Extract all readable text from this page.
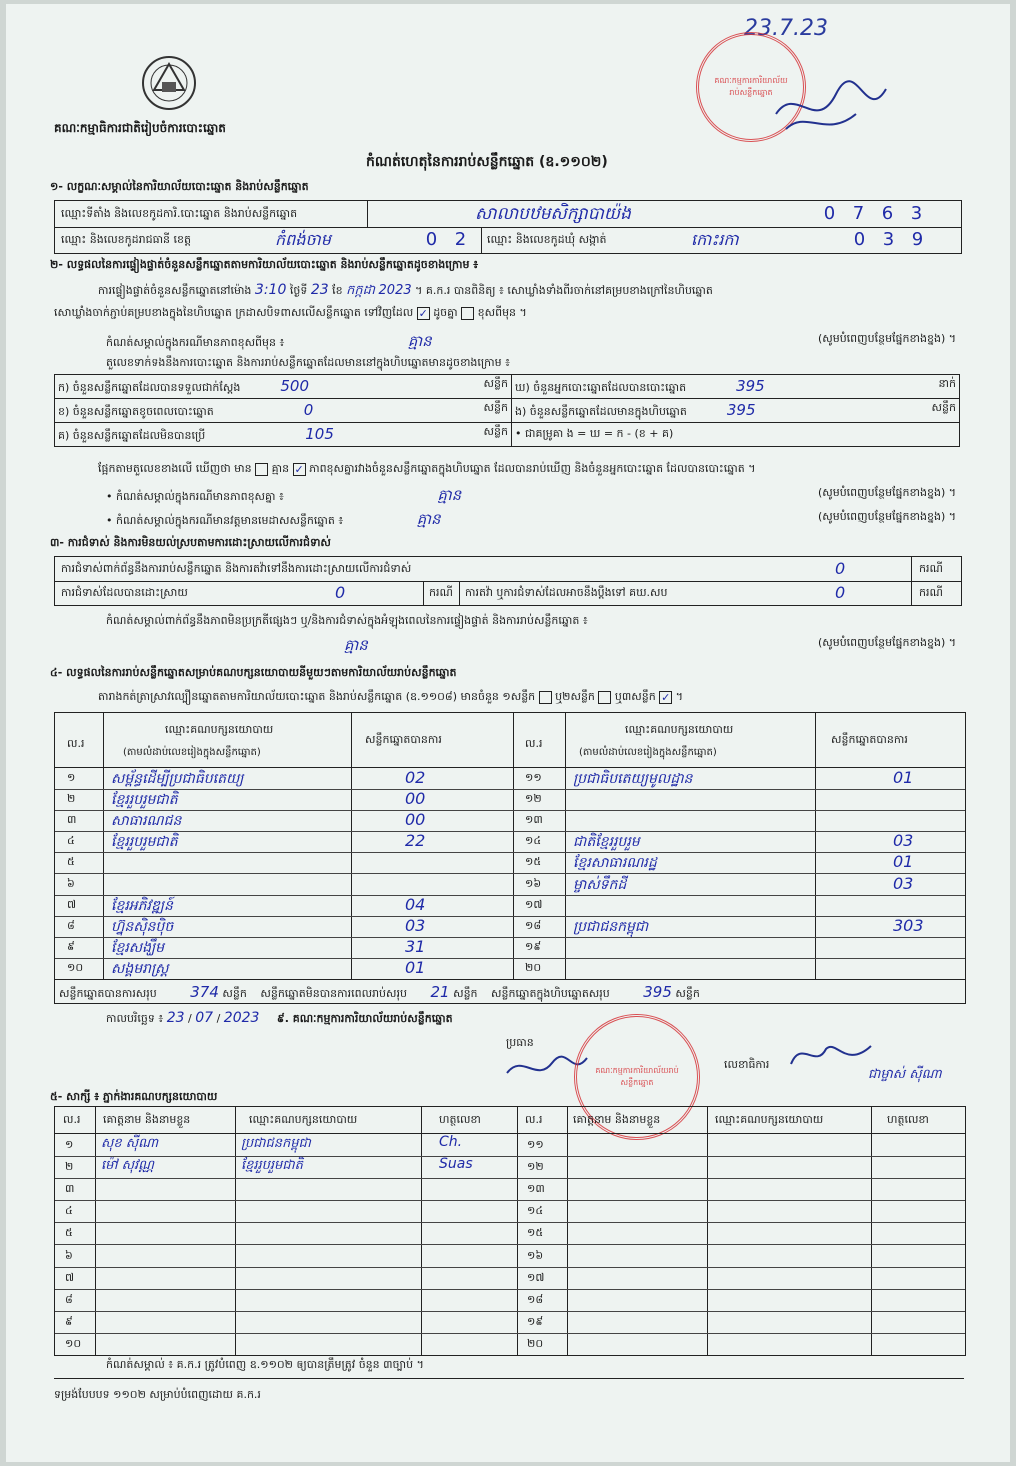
គណៈកម្មាធិការជាតិរៀបចំការបោះឆ្នោត
23.7.23
គណៈកម្មការការិយាល័យរាប់សន្លឹកឆ្នោត
កំណត់ហេតុនៃការរាប់សន្លឹកឆ្នោត (ឧ.១១០២)
១- លក្ខណៈសម្គាល់នៃការិយាល័យបោះឆ្នោត និងរាប់សន្លឹកឆ្នោត
ឈ្មោះទីតាំង និងលេខកូដការិ.បោះឆ្នោត និងរាប់សន្លឹកឆ្នោត	សាលាបឋមសិក្សាបាយ៉ង	0 7 6 3
ឈ្មោះ និងលេខកូដរាជធានី ខេត្ត	កំពង់ចាម	0 2	ឈ្មោះ និងលេខកូដឃុំ សង្កាត់	កោះរកា	0 3 9
២- លទ្ធផលនៃការផ្ទៀងផ្ទាត់ចំនួនសន្លឹកឆ្នោតតាមការិយាល័យបោះឆ្នោត និងរាប់សន្លឹកឆ្នោតដូចខាងក្រោម ៖
ការផ្ទៀងផ្ទាត់ចំនួនសន្លឹកឆ្នោតនៅម៉ោង 3:10 ថ្ងៃទី 23 ខែ កក្កដា 2023 ។ គ.ក.រ បានពិនិត្យ ៖ សោឃ្លាំងទាំងពីរចាក់នៅគម្របខាងក្រៅនៃហិបឆ្នោត
សោឃ្លាំងចាក់ភ្ជាប់គម្របខាងក្នុងនៃហិបឆ្នោត ក្រដាសបិទពាសលើសន្លឹកឆ្នោត ទៅវិញដែល ✓ ដូចគ្នា ខុសពីមុន ។
កំណត់សម្គាល់ក្នុងករណីមានភាពខុសពីមុន ៖	គ្មាន	(សូមបំពេញបន្ថែមផ្នែកខាងខ្នង) ។
តួលេខទាក់ទងនឹងការបោះឆ្នោត និងការរាប់សន្លឹកឆ្នោតដែលមាននៅក្នុងហិបឆ្នោតមានដូចខាងក្រោម ៖
ក) ចំនួនសន្លឹកឆ្នោតដែលបានទទួលជាក់ស្តែង 500 សន្លឹក	ឃ) ចំនួនអ្នកបោះឆ្នោតដែលបានបោះឆ្នោត 395 នាក់

ខ) ចំនួនសន្លឹកឆ្នោតខូចពេលបោះឆ្នោត 0 សន្លឹក	ង) ចំនួនសន្លឹកឆ្នោតដែលមានក្នុងហិបឆ្នោត 395 សន្លឹក

គ) ចំនួនសន្លឹកឆ្នោតដែលមិនបានប្រើ 105 សន្លឹក	• ជាគម្រូគា ង = ឃ = ក - (ខ + គ)
ផ្អែកតាមតួលេខខាងលើ ឃើញថា មាន គ្មាន ✓ ភាពខុសគ្នារវាងចំនួនសន្លឹកឆ្នោតក្នុងហិបឆ្នោត ដែលបានរាប់ឃើញ និងចំនួនអ្នកបោះឆ្នោត ដែលបានបោះឆ្នោត ។
• កំណត់សម្គាល់ក្នុងករណីមានភាពខុសគ្នា ៖	គ្មាន	(សូមបំពេញបន្ថែមផ្នែកខាងខ្នង) ។
• កំណត់សម្គាល់ក្នុងករណីមានវត្តមានមេដាសសន្លឹកឆ្នោត ៖	គ្មាន	(សូមបំពេញបន្ថែមផ្នែកខាងខ្នង) ។
៣- ការជំទាស់ និងការមិនយល់ស្របតាមការដោះស្រាយលើការជំទាស់
ការជំទាស់ពាក់ព័ន្ធនឹងការរាប់សន្លឹកឆ្នោត និងការតវ៉ាទៅនឹងការដោះស្រាយលើការជំទាស់	0	ករណី
ការជំទាស់ដែលបានដោះស្រាយ	0	ករណី ការតវ៉ា ឬការជំទាស់ដែលអាចនឹងប្ដឹងទៅ គឃ.សប	0	ករណី
កំណត់សម្គាល់ពាក់ព័ន្ធនឹងភាពមិនប្រក្រតីផ្សេងៗ ឬ/និងការជំទាស់ក្នុងអំឡុងពេលនៃការផ្ទៀងផ្ទាត់ និងការរាប់សន្លឹកឆ្នោត ៖
គ្មាន	(សូមបំពេញបន្ថែមផ្នែកខាងខ្នង) ។
៤- លទ្ធផលនៃការរាប់សន្លឹកឆ្នោតសម្រាប់គណបក្សនយោបាយនីមួយៗតាមការិយាល័យរាប់សន្លឹកឆ្នោត
តារាងកត់ត្រាស្រាវល្បឿនឆ្នោតតាមការិយាល័យបោះឆ្នោត និងរាប់សន្លឹកឆ្នោត (ឧ.១១០៨) មានចំនួន ១សន្លឹក ឬ២សន្លឹក ឬ៣សន្លឹក ✓ ។
ល.រ
ឈ្មោះគណបក្សនយោបាយ
(តាមលំដាប់លេខរៀងក្នុងសន្លឹកឆ្នោត)
សន្លឹកឆ្នោតបានការ	ល.រ
ឈ្មោះគណបក្សនយោបាយ
(តាមលំដាប់លេខរៀងក្នុងសន្លឹកឆ្នោត)
សន្លឹកឆ្នោតបានការ
១	សម្ព័ន្ធដើម្បីប្រជាធិបតេយ្យ	02
២	ខ្មែររួបរួមជាតិ	00
៣ សាធារណជន	00
៤	ខ្មែររួបរួមជាតិ	22
៥
៦
៧ ខ្មែរអភិវឌ្ឍន៍	04
៨	ហ្វ៊ុនស៊ិនប៉ិច	03
៩	ខ្មែរសង្ឃឹម	31
១០ សង្គមរាស្ត្រ	01
១១ ប្រជាធិបតេយ្យមូលដ្ឋាន	01
១២
១៣
១៤ ជាតិខ្មែររួបរួម	03
១៥ ខ្មែរសាធារណរដ្ឋ	01
១៦ ម្ចាស់ទឹកដី	03
១៧
១៨ ប្រជាជនកម្ពុជា	303
១៩
២០
សន្លឹកឆ្នោតបានការសរុប 374 សន្លឹក សន្លឹកឆ្នោតមិនបានការពេលរាប់សរុប 21 សន្លឹក សន្លឹកឆ្នោតក្នុងហិបឆ្នោតសរុប 395 សន្លឹក
កាលបរិច្ឆេទ ៖ 23 / 07 / 2023 ៩. គណៈកម្មការការិយាល័យរាប់សន្លឹកឆ្នោត
ប្រធាន
គណៈកម្មការការិយាល័យរាប់សន្លឹកឆ្នោត
លេខាធិការ
ជាម្ចាស់ ស៊ីណា
៥- សាក្សី ៖ ភ្នាក់ងារគណបក្សនយោបាយ
ល.រ គោត្តនាម និងនាមខ្លួន	ឈ្មោះគណបក្សនយោបាយ	ហត្ថលេខា	ល.រ	គោត្តនាម និងនាមខ្លួន	ឈ្មោះគណបក្សនយោបាយ	ហត្ថលេខា
១ សុខ ស៊ីណា	ប្រជាជនកម្ពុជា	Ch.
២ ម៉ៅ សុវណ្ណ	ខ្មែររួបរួមជាតិ	Suas
៣
៤
៥
៦
៧
៨
៩
១០
១១
១២
១៣
១៤
១៥
១៦
១៧
១៨
១៩
២០
កំណត់សម្គាល់ ៖ គ.ក.រ ត្រូវបំពេញ ឧ.១១០២ ឲ្យបានត្រឹមត្រូវ ចំនួន ៣ច្បាប់ ។
ទម្រង់បែបបទ ១១០២ សម្រាប់បំពេញដោយ គ.ក.រ
